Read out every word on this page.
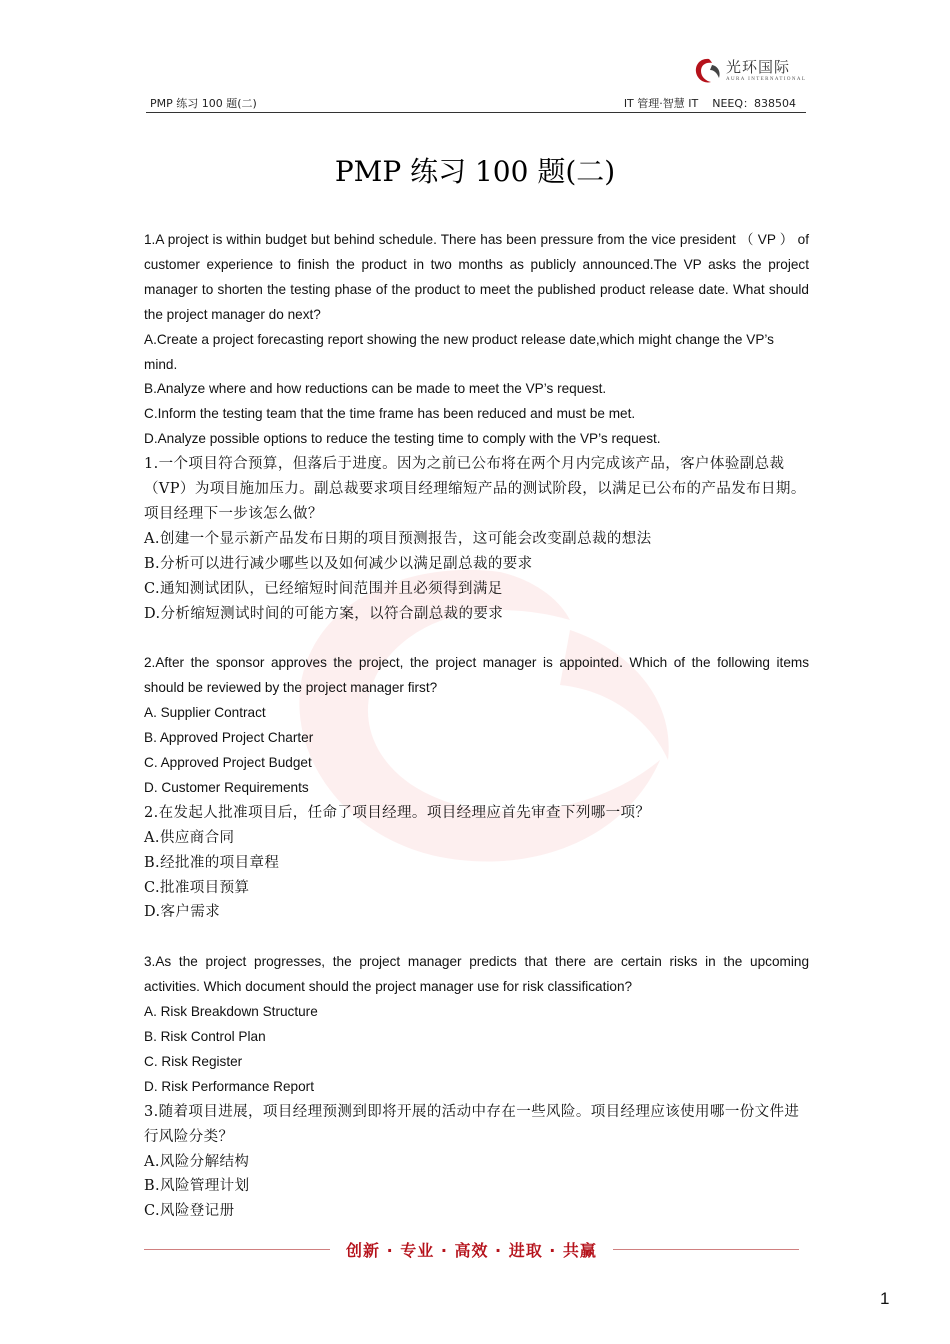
光环国际
AURA INTERNATIONAL
PMP 练习 100 题(二)	IT 管理·智慧 IT    NEEQ：838504
PMP 练习 100 题(二)

1.A project is within budget but behind schedule. There has been pressure from the vice president （ VP ） of customer experience to finish the product in two months as publicly announced.The VP asks the project manager to shorten the testing phase of the product to meet the published product release date. What should the project manager do next?

A.Create a project forecasting report showing the new product release date,which might change the VP’s mind.

B.Analyze where and how reductions can be made to meet the VP’s request.

C.Inform the testing team that the time frame has been reduced and must be met.

D.Analyze possible options to reduce the testing time to comply with the VP’s request.

1.一个项目符合预算，但落后于进度。因为之前已公布将在两个月内完成该产品，客户体验副总裁（VP）为项目施加压力。副总裁要求项目经理缩短产品的测试阶段，以满足已公布的产品发布日期。项目经理下一步该怎么做？

A.创建一个显示新产品发布日期的项目预测报告，这可能会改变副总裁的想法

B.分析可以进行减少哪些以及如何减少以满足副总裁的要求

C.通知测试团队，已经缩短时间范围并且必须得到满足

D.分析缩短测试时间的可能方案，以符合副总裁的要求

2.After the sponsor approves the project, the project manager is appointed. Which of the following items should be reviewed by the project manager first?

A. Supplier Contract

B. Approved Project Charter

C. Approved Project Budget

D. Customer Requirements

2.在发起人批准项目后，任命了项目经理。项目经理应首先审查下列哪一项？

A.供应商合同

B.经批准的项目章程

C.批准项目预算

D.客户需求

3.As the project progresses, the project manager predicts that there are certain risks in the upcoming activities. Which document should the project manager use for risk classification?

A. Risk Breakdown Structure

B. Risk Control Plan

C. Risk Register

D. Risk Performance Report

3.随着项目进展，项目经理预测到即将开展的活动中存在一些风险。项目经理应该使用哪一份文件进行风险分类？

A.风险分解结构

B.风险管理计划

C.风险登记册

创新 · 专业 · 高效 · 进取 · 共赢
1
